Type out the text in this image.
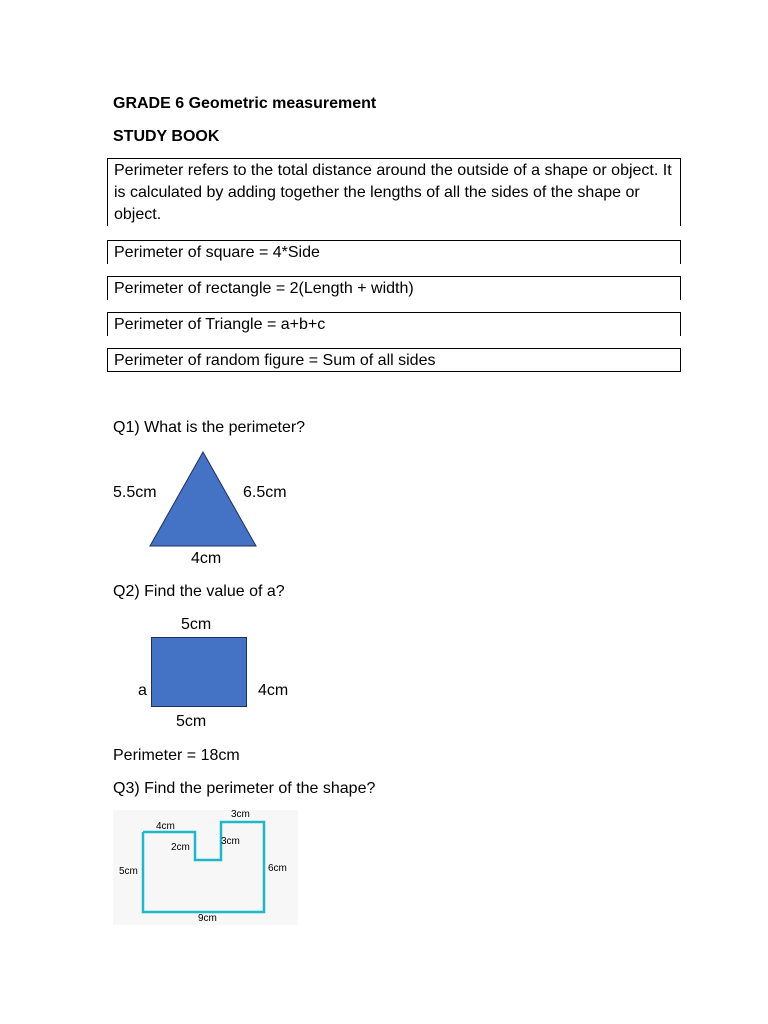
GRADE 6 Geometric measurement
STUDY BOOK
Perimeter refers to the total distance around the outside of a shape or object. It is calculated by adding together the lengths of all the sides of the shape or object.
Perimeter of square = 4*Side
Perimeter of rectangle = 2(Length + width)
Perimeter of Triangle = a+b+c
Perimeter of random figure = Sum of all sides
Q1) What is the perimeter?
5.5cm	6.5cm
4cm
Q2) Find the value of a?
5cm
a	4cm
5cm
Perimeter = 18cm
Q3) Find the perimeter of the shape?
4cm
2cm
3cm
3cm
6cm
5cm
9cm
